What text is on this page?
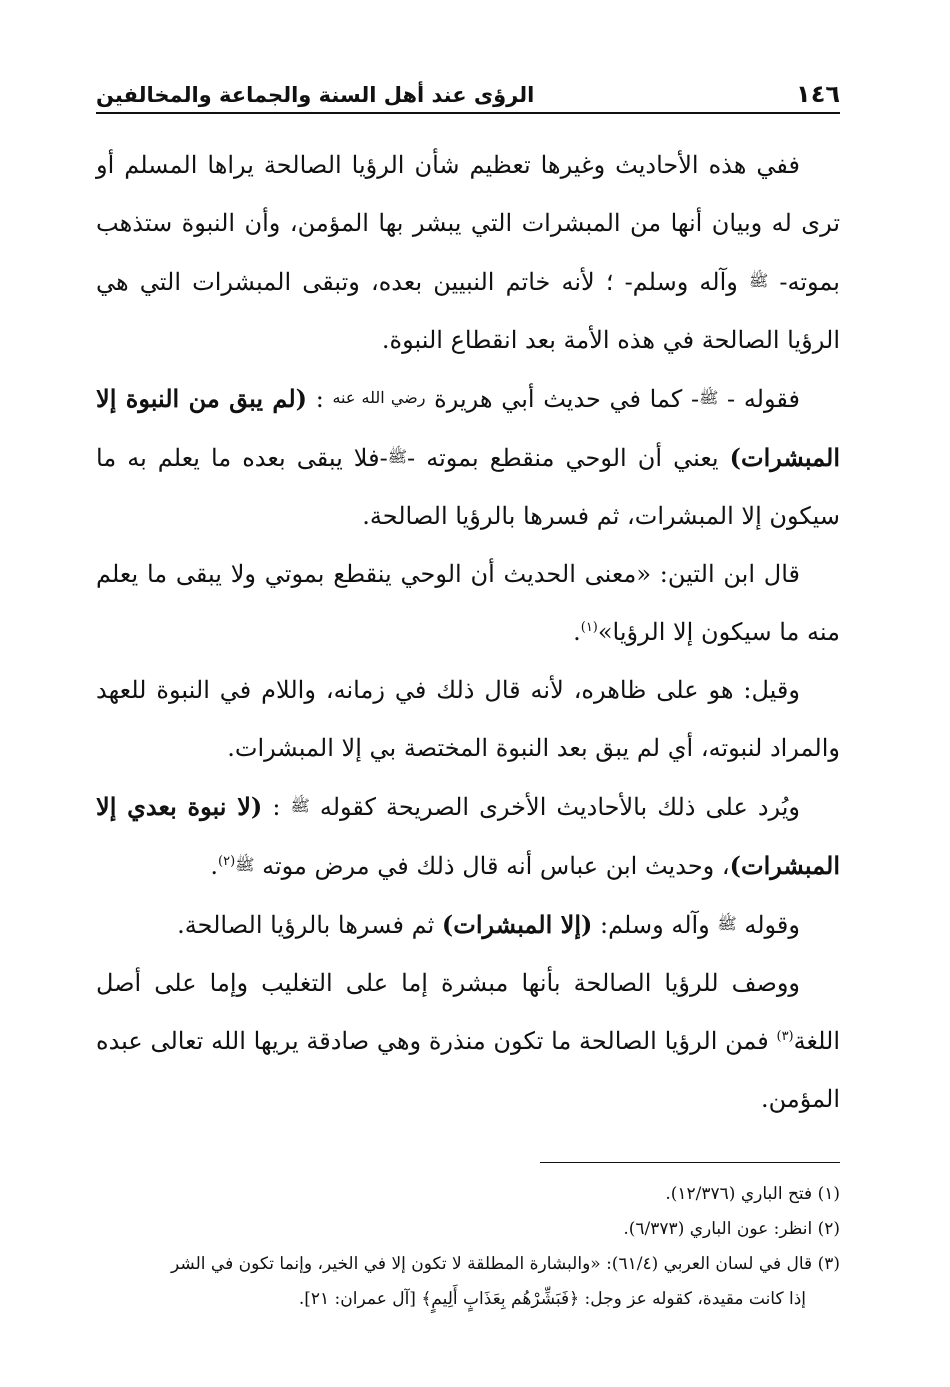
١٤٦
الرؤى عند أهل السنة والجماعة والمخالفين

ففي هذه الأحاديث وغيرها تعظيم شأن الرؤيا الصالحة يراها المسلم أو ترى له وبيان أنها من المبشرات التي يبشر بها المؤمن، وأن النبوة ستذهب بموته- ﷺ وآله وسلم- ؛ لأنه خاتم النبيين بعده، وتبقى المبشرات التي هي الرؤيا الصالحة في هذه الأمة بعد انقطاع النبوة.

فقوله - ﷺ- كما في حديث أبي هريرة رضي الله عنه : (لم يبق من النبوة إلا المبشرات) يعني أن الوحي منقطع بموته -ﷺ-فلا يبقى بعده ما يعلم به ما سيكون إلا المبشرات، ثم فسرها بالرؤيا الصالحة.

قال ابن التين: «معنى الحديث أن الوحي ينقطع بموتي ولا يبقى ما يعلم منه ما سيكون إلا الرؤيا»$^{(١)}$.

وقيل: هو على ظاهره، لأنه قال ذلك في زمانه، واللام في النبوة للعهد والمراد لنبوته، أي لم يبق بعد النبوة المختصة بي إلا المبشرات.

ويُرد على ذلك بالأحاديث الأخرى الصريحة كقوله ﷺ : (لا نبوة بعدي إلا المبشرات)، وحديث ابن عباس أنه قال ذلك في مرض موته ﷺ$^{(٢)}$.

وقوله ﷺ وآله وسلم: (إلا المبشرات) ثم فسرها بالرؤيا الصالحة.

ووصف للرؤيا الصالحة بأنها مبشرة إما على التغليب وإما على أصل اللغة$^{(٣)}$ فمن الرؤيا الصالحة ما تكون منذرة وهي صادقة يريها الله تعالى عبده المؤمن.

(١) فتح الباري (١٢/٣٧٦).

(٢) انظر: عون الباري (٦/٣٧٣).

(٣) قال في لسان العربي (٦١/٤): «والبشارة المطلقة لا تكون إلا في الخير، وإنما تكون في الشر

إذا كانت مقيدة، كقوله عز وجل: ﴿فَبَشِّرْهُم بِعَذَابٍ أَلِيمٍ﴾ [آل عمران: ٢١].
